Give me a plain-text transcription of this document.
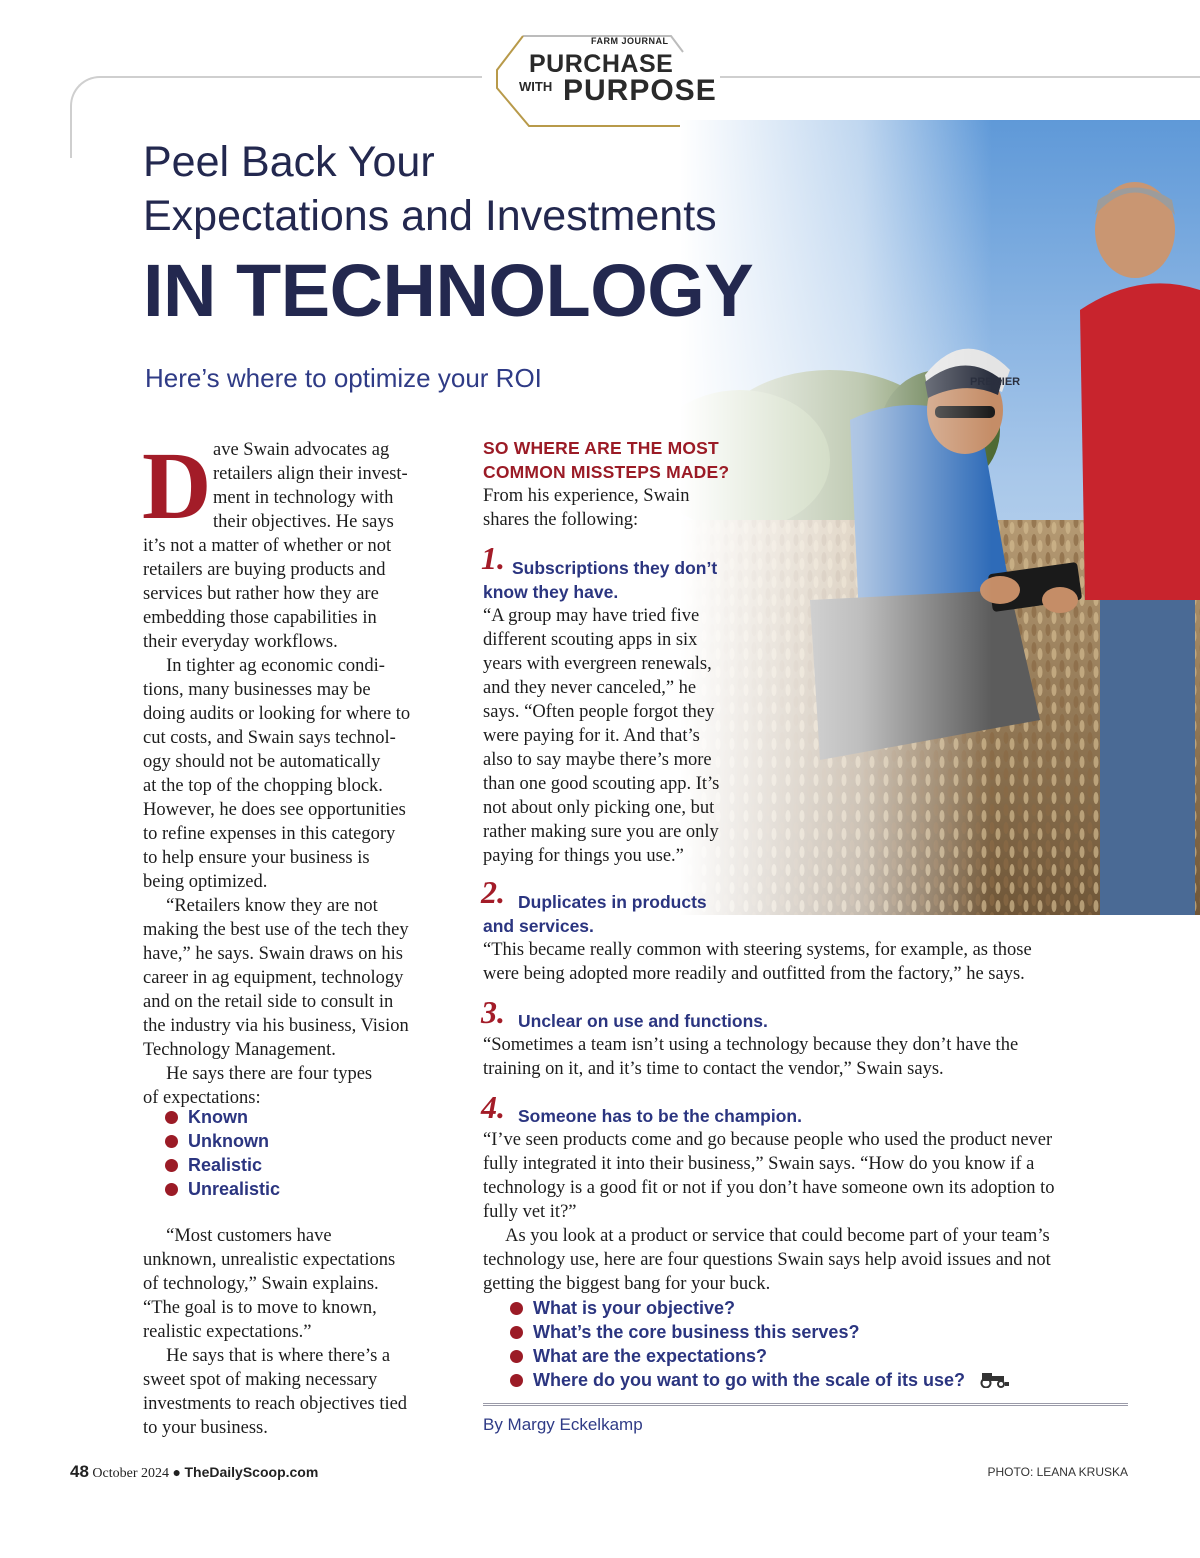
FARM JOURNAL
PURCHASE
WITH PURPOSE
PREMIER
Peel Back Your
Expectations and Investments
IN TECHNOLOGY
Here’s where to optimize your ROI
D ave Swain advocates ag
retailers align their invest-
ment in technology with
their objectives. He says
it’s not a matter of whether or not
retailers are buying products and
services but rather how they are
embedding those capabilities in
their everyday workflows.
In tighter ag economic condi-
tions, many businesses may be
doing audits or looking for where to
cut costs, and Swain says technol-
ogy should not be automatically
at the top of the chopping block.
However, he does see opportunities
to refine expenses in this category
to help ensure your business is
being optimized.
“Retailers know they are not
making the best use of the tech they
have,” he says. Swain draws on his
career in ag equipment, technology
and on the retail side to consult in
the industry via his business, Vision
Technology Management.
He says there are four types
of expectations:
Known
Unknown
Realistic
Unrealistic
“Most customers have
unknown, unrealistic expectations
of technology,” Swain explains.
“The goal is to move to known,
realistic expectations.”
He says that is where there’s a
sweet spot of making necessary
investments to reach objectives tied
to your business.
SO WHERE ARE THE MOST
COMMON MISSTEPS MADE?
From his experience, Swain
shares the following:
1. Subscriptions they don’t
know they have.
“A group may have tried five
different scouting apps in six
years with evergreen renewals,
and they never canceled,” he
says. “Often people forgot they
were paying for it. And that’s
also to say maybe there’s more
than one good scouting app. It’s
not about only picking one, but
rather making sure you are only
paying for things you use.”
2. Duplicates in products
and services.
“This became really common with steering systems, for example, as those
were being adopted more readily and outfitted from the factory,” he says.
3. Unclear on use and functions.
“Sometimes a team isn’t using a technology because they don’t have the
training on it, and it’s time to contact the vendor,” Swain says.
4. Someone has to be the champion.
“I’ve seen products come and go because people who used the product never
fully integrated it into their business,” Swain says. “How do you know if a
technology is a good fit or not if you don’t have someone own its adoption to
fully vet it?”
As you look at a product or service that could become part of your team’s
technology use, here are four questions Swain says help avoid issues and not
getting the biggest bang for your buck.
What is your objective?
What’s the core business this serves?
What are the expectations?
Where do you want to go with the scale of its use?
By Margy Eckelkamp
48 October 2024 ● TheDailyScoop.com	PHOTO: LEANA KRUSKA
